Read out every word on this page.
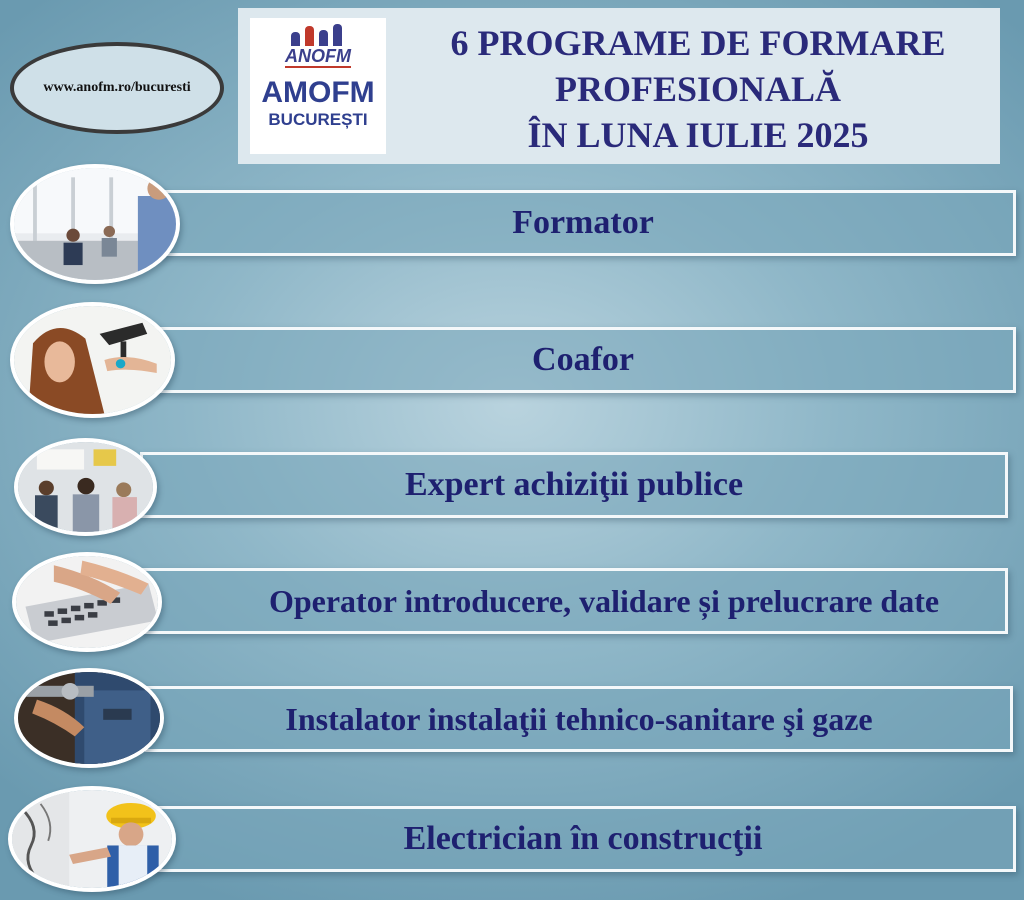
www.anofm.ro/bucuresti
ANOFM
AMOFM
BUCUREȘTI
6 PROGRAME DE FORMARE
PROFESIONALĂ
ÎN LUNA IULIE 2025
Formator
Coafor
Expert achiziţii publice
Operator introducere, validare și prelucrare date
Instalator instalaţii tehnico-sanitare şi gaze
Electrician în construcţii
